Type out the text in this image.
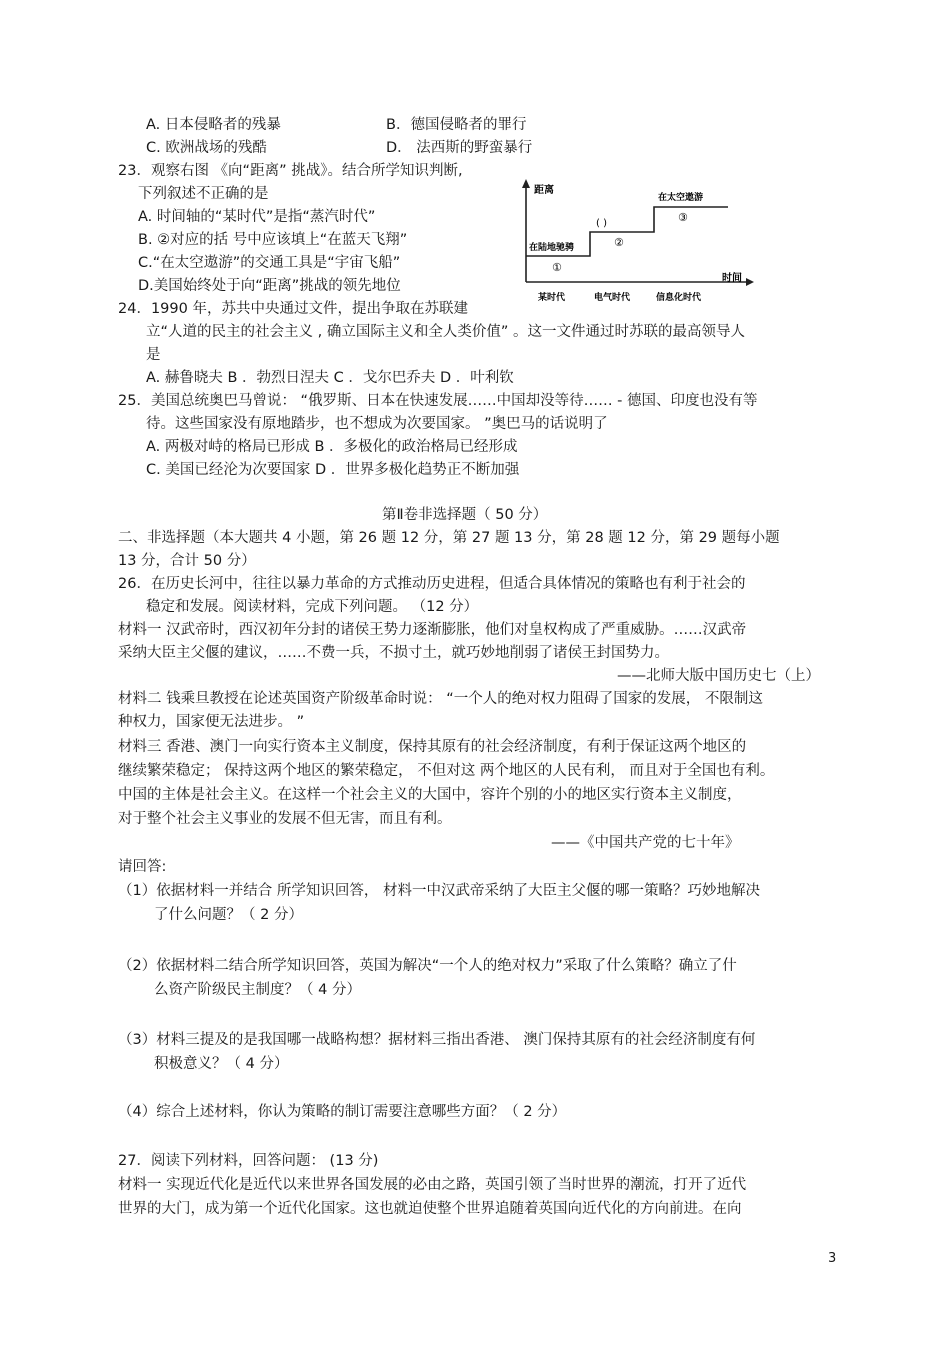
A. 日本侵略者的残暴	B．德国侵略者的罪行
C. 欧洲战场的残酷	D． 法西斯的野蛮暴行
23．观察右图 《向“距离” 挑战》。结合所学知识判断,
下列叙述不正确的是
A. 时间轴的“某时代”是指“蒸汽时代”
B. ②对应的括 号中应该填上“在蓝天飞翔”
C.“在太空遨游”的交通工具是“宇宙飞船”
D.美国始终处于向“距离”挑战的领先地位
距离
时间
在陆地驰骋
①
( )
②
在太空遨游
③
某时代	电气时代	信息化时代
24．1990 年，苏共中央通过文件，提出争取在苏联建
立“人道的民主的社会主义 , 确立国际主义和全人类价值” 。这一文件通过时苏联的最高领导人
是
A. 赫鲁晓夫 B ．勃烈日涅夫 C ．戈尔巴乔夫 D ．叶利钦
25．美国总统奥巴马曾说： “俄罗斯、日本在快速发展……中国却没等待…… - 德国、印度也没有等
待。这些国家没有原地踏步，也不想成为次要国家。 ”奥巴马的话说明了
A. 两极对峙的格局已形成 B ．多极化的政治格局已经形成
C. 美国已经沦为次要国家 D ．世界多极化趋势正不断加强
第Ⅱ卷非选择题（ 50 分）
二、非选择题（本大题共 4 小题，第 26 题 12 分，第 27 题 13 分，第 28 题 12 分，第 29 题每小题
13 分，合计 50 分）
26．在历史长河中，往往以暴力革命的方式推动历史进程，但适合具体情况的策略也有利于社会的
稳定和发展。阅读材料，完成下列问题。 （12 分）
材料一 汉武帝时，西汉初年分封的诸侯王势力逐渐膨胀，他们对皇权构成了严重威胁。……汉武帝
采纳大臣主父偃的建议，……不费一兵，不损寸土，就巧妙地削弱了诸侯王封国势力。
——北师大版中国历史七（上）
材料二 钱乘旦教授在论述英国资产阶级革命时说： “一个人的绝对权力阻碍了国家的发展， 不限制这
种权力，国家便无法进步。 ”
材料三 香港、澳门一向实行资本主义制度，保持其原有的社会经济制度，有利于保证这两个地区的
继续繁荣稳定； 保持这两个地区的繁荣稳定， 不但对这 两个地区的人民有利， 而且对于全国也有利。
中国的主体是社会主义。在这样一个社会主义的大国中，容许个别的小的地区实行资本主义制度，
对于整个社会主义事业的发展不但无害，而且有利。
——《中国共产党的七十年》
请回答:
（1）依据材料一并结合 所学知识回答， 材料一中汉武帝采纳了大臣主父偃的哪一策略？巧妙地解决
了什么问题？（ 2 分）
（2）依据材料二结合所学知识回答，英国为解决“一个人的绝对权力”采取了什么策略？确立了什
么资产阶级民主制度？（ 4 分）
（3）材料三提及的是我国哪一战略构想？据材料三指出香港、 澳门保持其原有的社会经济制度有何
积极意义？（ 4 分）
（4）综合上述材料，你认为策略的制订需要注意哪些方面？（ 2 分）
27．阅读下列材料，回答问题： (13 分)
材料一 实现近代化是近代以来世界各国发展的必由之路，英国引领了当时世界的潮流，打开了近代
世界的大门，成为第一个近代化国家。这也就迫使整个世界追随着英国向近代化的方向前进。在向
3
